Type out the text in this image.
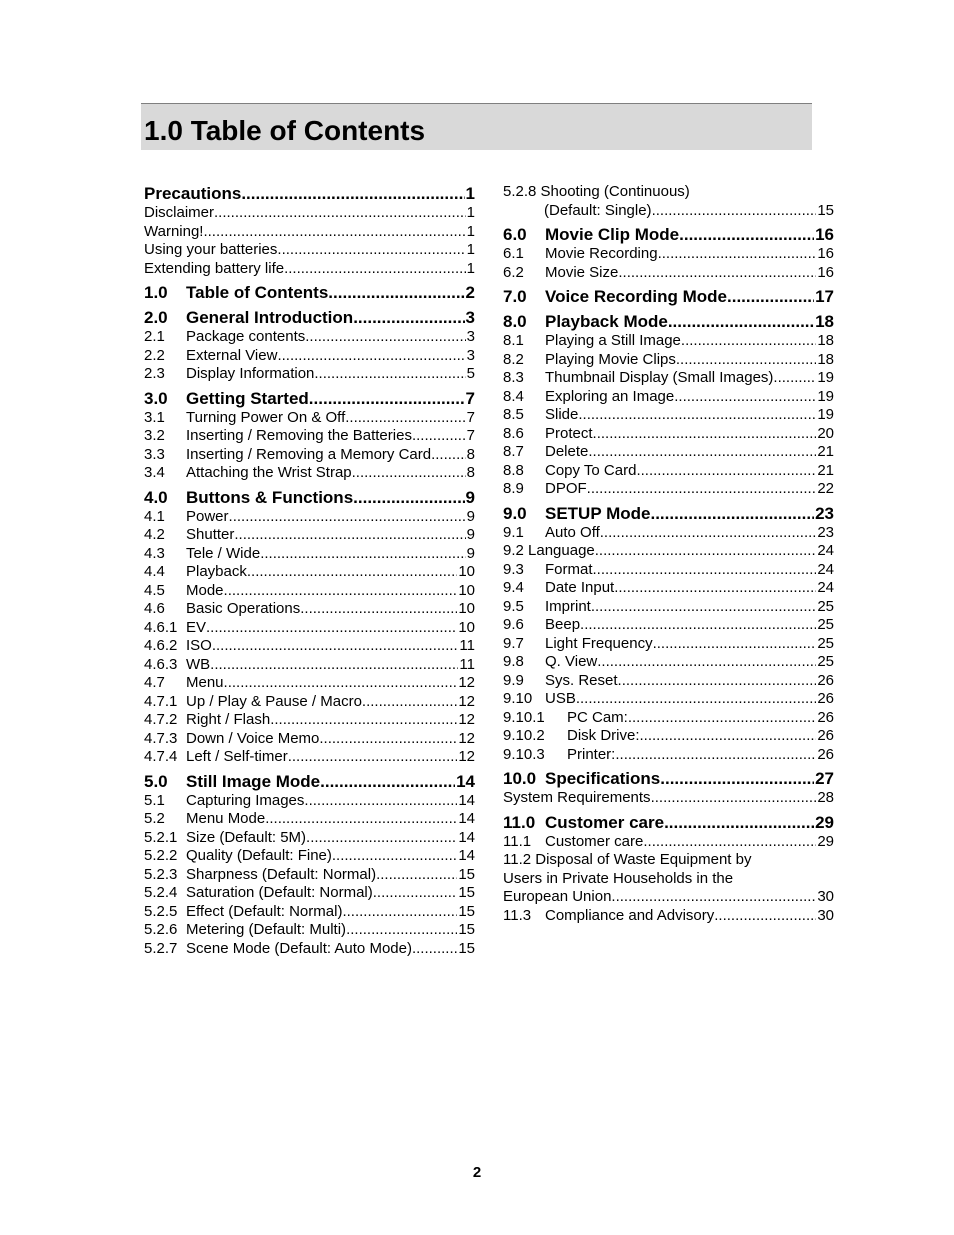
1.0 Table of Contents
Precautions .....	1
Disclaimer .....	1
Warning! .....	1
Using your batteries .....	1
Extending battery life .....	1
1.0	Table of Contents .....	2
2.0	General Introduction .....	3
2.1	Package contents .....	3
2.2	External View .....	3
2.3	Display Information .....	5
3.0	Getting Started .....	7
3.1	Turning Power On & Off .....	7
3.2	Inserting / Removing the Batteries .....	7
3.3	Inserting / Removing a Memory Card ..... 8
3.4	Attaching the Wrist Strap .....	8
4.0	Buttons & Functions .....	9
4.1	Power .....	9
4.2	Shutter .....	9
4.3	Tele / Wide .....	9
4.4	Playback .....	10
4.5	Mode .....	10
4.6	Basic Operations .....	10
4.6.1 EV .....	10
4.6.2 ISO .....	11
4.6.3 WB .....	11
4.7	Menu .....	12
4.7.1 Up / Play & Pause / Macro .....	12
4.7.2 Right / Flash .....	12
4.7.3 Down / Voice Memo .....	12
4.7.4 Left / Self-timer .....	12
5.0	Still Image Mode .....	14
5.1	Capturing Images .....	14
5.2	Menu Mode .....	14
5.2.1 Size (Default: 5M) .....	14
5.2.2 Quality (Default: Fine) .....	14
5.2.3 Sharpness (Default: Normal) .....	15
5.2.4 Saturation (Default: Normal) .....	15
5.2.5 Effect (Default: Normal) .....	15
5.2.6 Metering (Default: Multi) .....	15
5.2.7 Scene Mode (Default: Auto Mode) .....	15
5.2.8 Shooting (Continuous)
(Default: Single) .....	15
6.0	Movie Clip Mode .....	16
6.1	Movie Recording .....	16
6.2	Movie Size .....	16
7.0	Voice Recording Mode .....	17
8.0	Playback Mode .....	18
8.1	Playing a Still Image .....	18
8.2	Playing Movie Clips .....	18
8.3	Thumbnail Display (Small Images) .....	19
8.4	Exploring an Image .....	19
8.5	Slide .....	19
8.6	Protect .....	20
8.7	Delete .....	21
8.8	Copy To Card .....	21
8.9	DPOF .....	22
9.0	SETUP Mode .....	23
9.1	Auto Off .....	23
9.2 Language .....	24
9.3	Format .....	24
9.4	Date Input .....	24
9.5	Imprint .....	25
9.6	Beep .....	25
9.7	Light Frequency .....	25
9.8	Q. View .....	25
9.9	Sys. Reset .....	26
9.10 USB .....	26
9.10.1	PC Cam: .....	26
9.10.2	Disk Drive: .....	26
9.10.3	Printer: .....	26
10.0 Specifications .....	27
System Requirements .....	28
11.0 Customer care .....	29
11.1 Customer care .....	29
11.2 Disposal of Waste Equipment by
Users in Private Households in the
European Union .....	30
11.3 Compliance and Advisory .....	30
2
